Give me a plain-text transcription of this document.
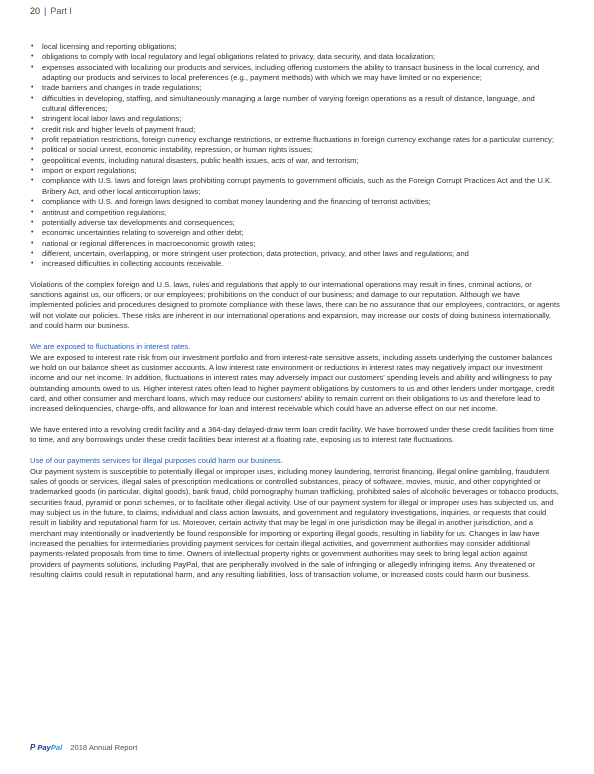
20 | Part I
• local licensing and reporting obligations;
• obligations to comply with local regulatory and legal obligations related to privacy, data security, and data localization;
• expenses associated with localizing our products and services, including offering customers the ability to transact business in the local currency, and adapting our products and services to local preferences (e.g., payment methods) with which we may have limited or no experience;
• trade barriers and changes in trade regulations;
• difficulties in developing, staffing, and simultaneously managing a large number of varying foreign operations as a result of distance, language, and cultural differences;
• stringent local labor laws and regulations;
• credit risk and higher levels of payment fraud;
• profit repatriation restrictions, foreign currency exchange restrictions, or extreme fluctuations in foreign currency exchange rates for a particular currency;
• political or social unrest, economic instability, repression, or human rights issues;
• geopolitical events, including natural disasters, public health issues, acts of war, and terrorism;
• import or export regulations;
• compliance with U.S. laws and foreign laws prohibiting corrupt payments to government officials, such as the Foreign Corrupt Practices Act and the U.K. Bribery Act, and other local anticorruption laws;
• compliance with U.S. and foreign laws designed to combat money laundering and the financing of terrorist activities;
• antitrust and competition regulations;
• potentially adverse tax developments and consequences;
• economic uncertainties relating to sovereign and other debt;
• national or regional differences in macroeconomic growth rates;
• different, uncertain, overlapping, or more stringent user protection, data protection, privacy, and other laws and regulations; and
• increased difficulties in collecting accounts receivable.

Violations of the complex foreign and U.S. laws, rules and regulations that apply to our international operations may result in fines, criminal actions, or sanctions against us, our officers, or our employees; prohibitions on the conduct of our business; and damage to our reputation. Although we have implemented policies and procedures designed to promote compliance with these laws, there can be no assurance that our employees, contractors, or agents will not violate our policies. These risks are inherent in our international operations and expansion, may increase our costs of doing business internationally, and could harm our business.

We are exposed to fluctuations in interest rates.

We are exposed to interest rate risk from our investment portfolio and from interest-rate sensitive assets, including assets underlying the customer balances we hold on our balance sheet as customer accounts. A low interest rate environment or reductions in interest rates may negatively impact our investment income and our net income. In addition, fluctuations in interest rates may adversely impact our customers' spending levels and ability and willingness to pay outstanding amounts owed to us. Higher interest rates often lead to higher payment obligations by customers to us and other lenders under mortgage, credit card, and other consumer and merchant loans, which may reduce our customers' ability to remain current on their obligations to us and therefore lead to increased delinquencies, charge-offs, and allowance for loan and interest receivable which could have an adverse effect on our net income.

We have entered into a revolving credit facility and a 364-day delayed-draw term loan credit facility. We have borrowed under these credit facilities from time to time, and any borrowings under these credit facilities bear interest at a floating rate, exposing us to interest rate fluctuations.

Use of our payments services for illegal purposes could harm our business.

Our payment system is susceptible to potentially illegal or improper uses, including money laundering, terrorist financing, illegal online gambling, fraudulent sales of goods or services, illegal sales of prescription medications or controlled substances, piracy of software, movies, music, and other copyrighted or trademarked goods (in particular, digital goods), bank fraud, child pornography human trafficking, prohibited sales of alcoholic beverages or tobacco products, securities fraud, pyramid or ponzi schemes, or to facilitate other illegal activity. Use of our payment system for illegal or improper uses has subjected us, and may subject us in the future, to claims, individual and class action lawsuits, and government and regulatory investigations, inquiries, or requests that could result in liability and reputational harm for us. Moreover, certain activity that may be legal in one jurisdiction may be illegal in another jurisdiction, and a merchant may intentionally or inadvertently be found responsible for importing or exporting illegal goods, resulting in liability for us. Changes in law have increased the penalties for intermediaries providing payment services for certain illegal activities, and government authorities may consider additional payments-related proposals from time to time. Owners of intellectual property rights or government authorities may seek to bring legal action against providers of payments solutions, including PayPal, that are peripherally involved in the sale of infringing or allegedly infringing items. Any threatened or resulting claims could result in reputational harm, and any resulting liabilities, loss of transaction volume, or increased costs could harm our business.

P PayPal 2018 Annual Report
